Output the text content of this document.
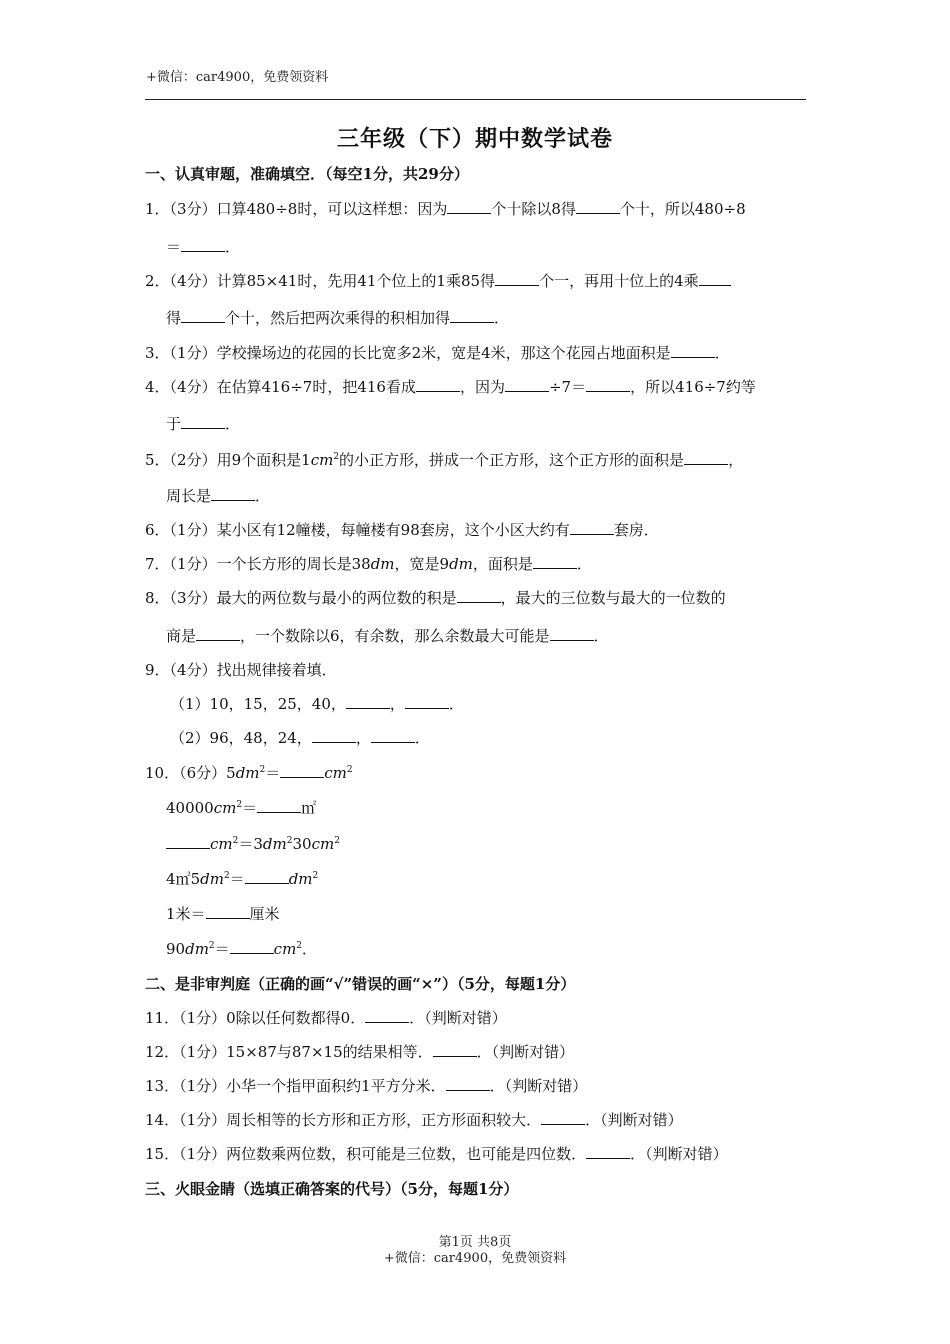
+微信：car4900，免费领资料
三年级（下）期中数学试卷
一、认真审题，准确填空．（每空1分，共29分）
1．（3分）口算480÷8时，可以这样想：因为	个十除以8得	个十，所以480÷8
＝	．
2．（4分）计算85×41时，先用41个位上的1乘85得	个一，再用十位上的4乘
得	个十，然后把两次乘得的积相加得	．
3．（1分）学校操场边的花园的长比宽多2米，宽是4米，那这个花园占地面积是	．
4．（4分）在估算416÷7时，把416看成	，因为	÷7＝	，所以416÷7约等
于	．
5．（2分）用9个面积是$1cm^2$的小正方形，拼成一个正方形，这个正方形的面积是	，
周长是	．
6．（1分）某小区有12幢楼，每幢楼有98套房，这个小区大约有	套房．
7．（1分）一个长方形的周长是38dm，宽是9dm，面积是	．
8．（3分）最大的两位数与最小的两位数的积是	，最大的三位数与最大的一位数的
商是	，一个数除以6，有余数，那么余数最大可能是	．
9．（4分）找出规律接着填．
（1）10，15，25，40，	，	．
（2）96，48，24，	，	．
10．（6分）$5dm^2=$	$cm^2$
$40000cm^2=$	㎡
$cm^2=3dm^230cm^2$
$4㎡5dm^2=$	$dm^2$
1米＝	厘米
$90dm^2=$	$cm^2$．
二、是非审判庭（正确的画“√”错误的画“×”）（5分，每题1分）
11．（1分）0除以任何数都得0．	．（判断对错）
12．（1分）15×87与87×15的结果相等．	．（判断对错）
13．（1分）小华一个指甲面积约1平方分米．	．（判断对错）
14．（1分）周长相等的长方形和正方形，正方形面积较大．	．（判断对错）
15．（1分）两位数乘两位数，积可能是三位数，也可能是四位数．	．（判断对错）
三、火眼金睛（选填正确答案的代号）（5分，每题1分）
第1页 共8页
+微信：car4900，免费领资料
